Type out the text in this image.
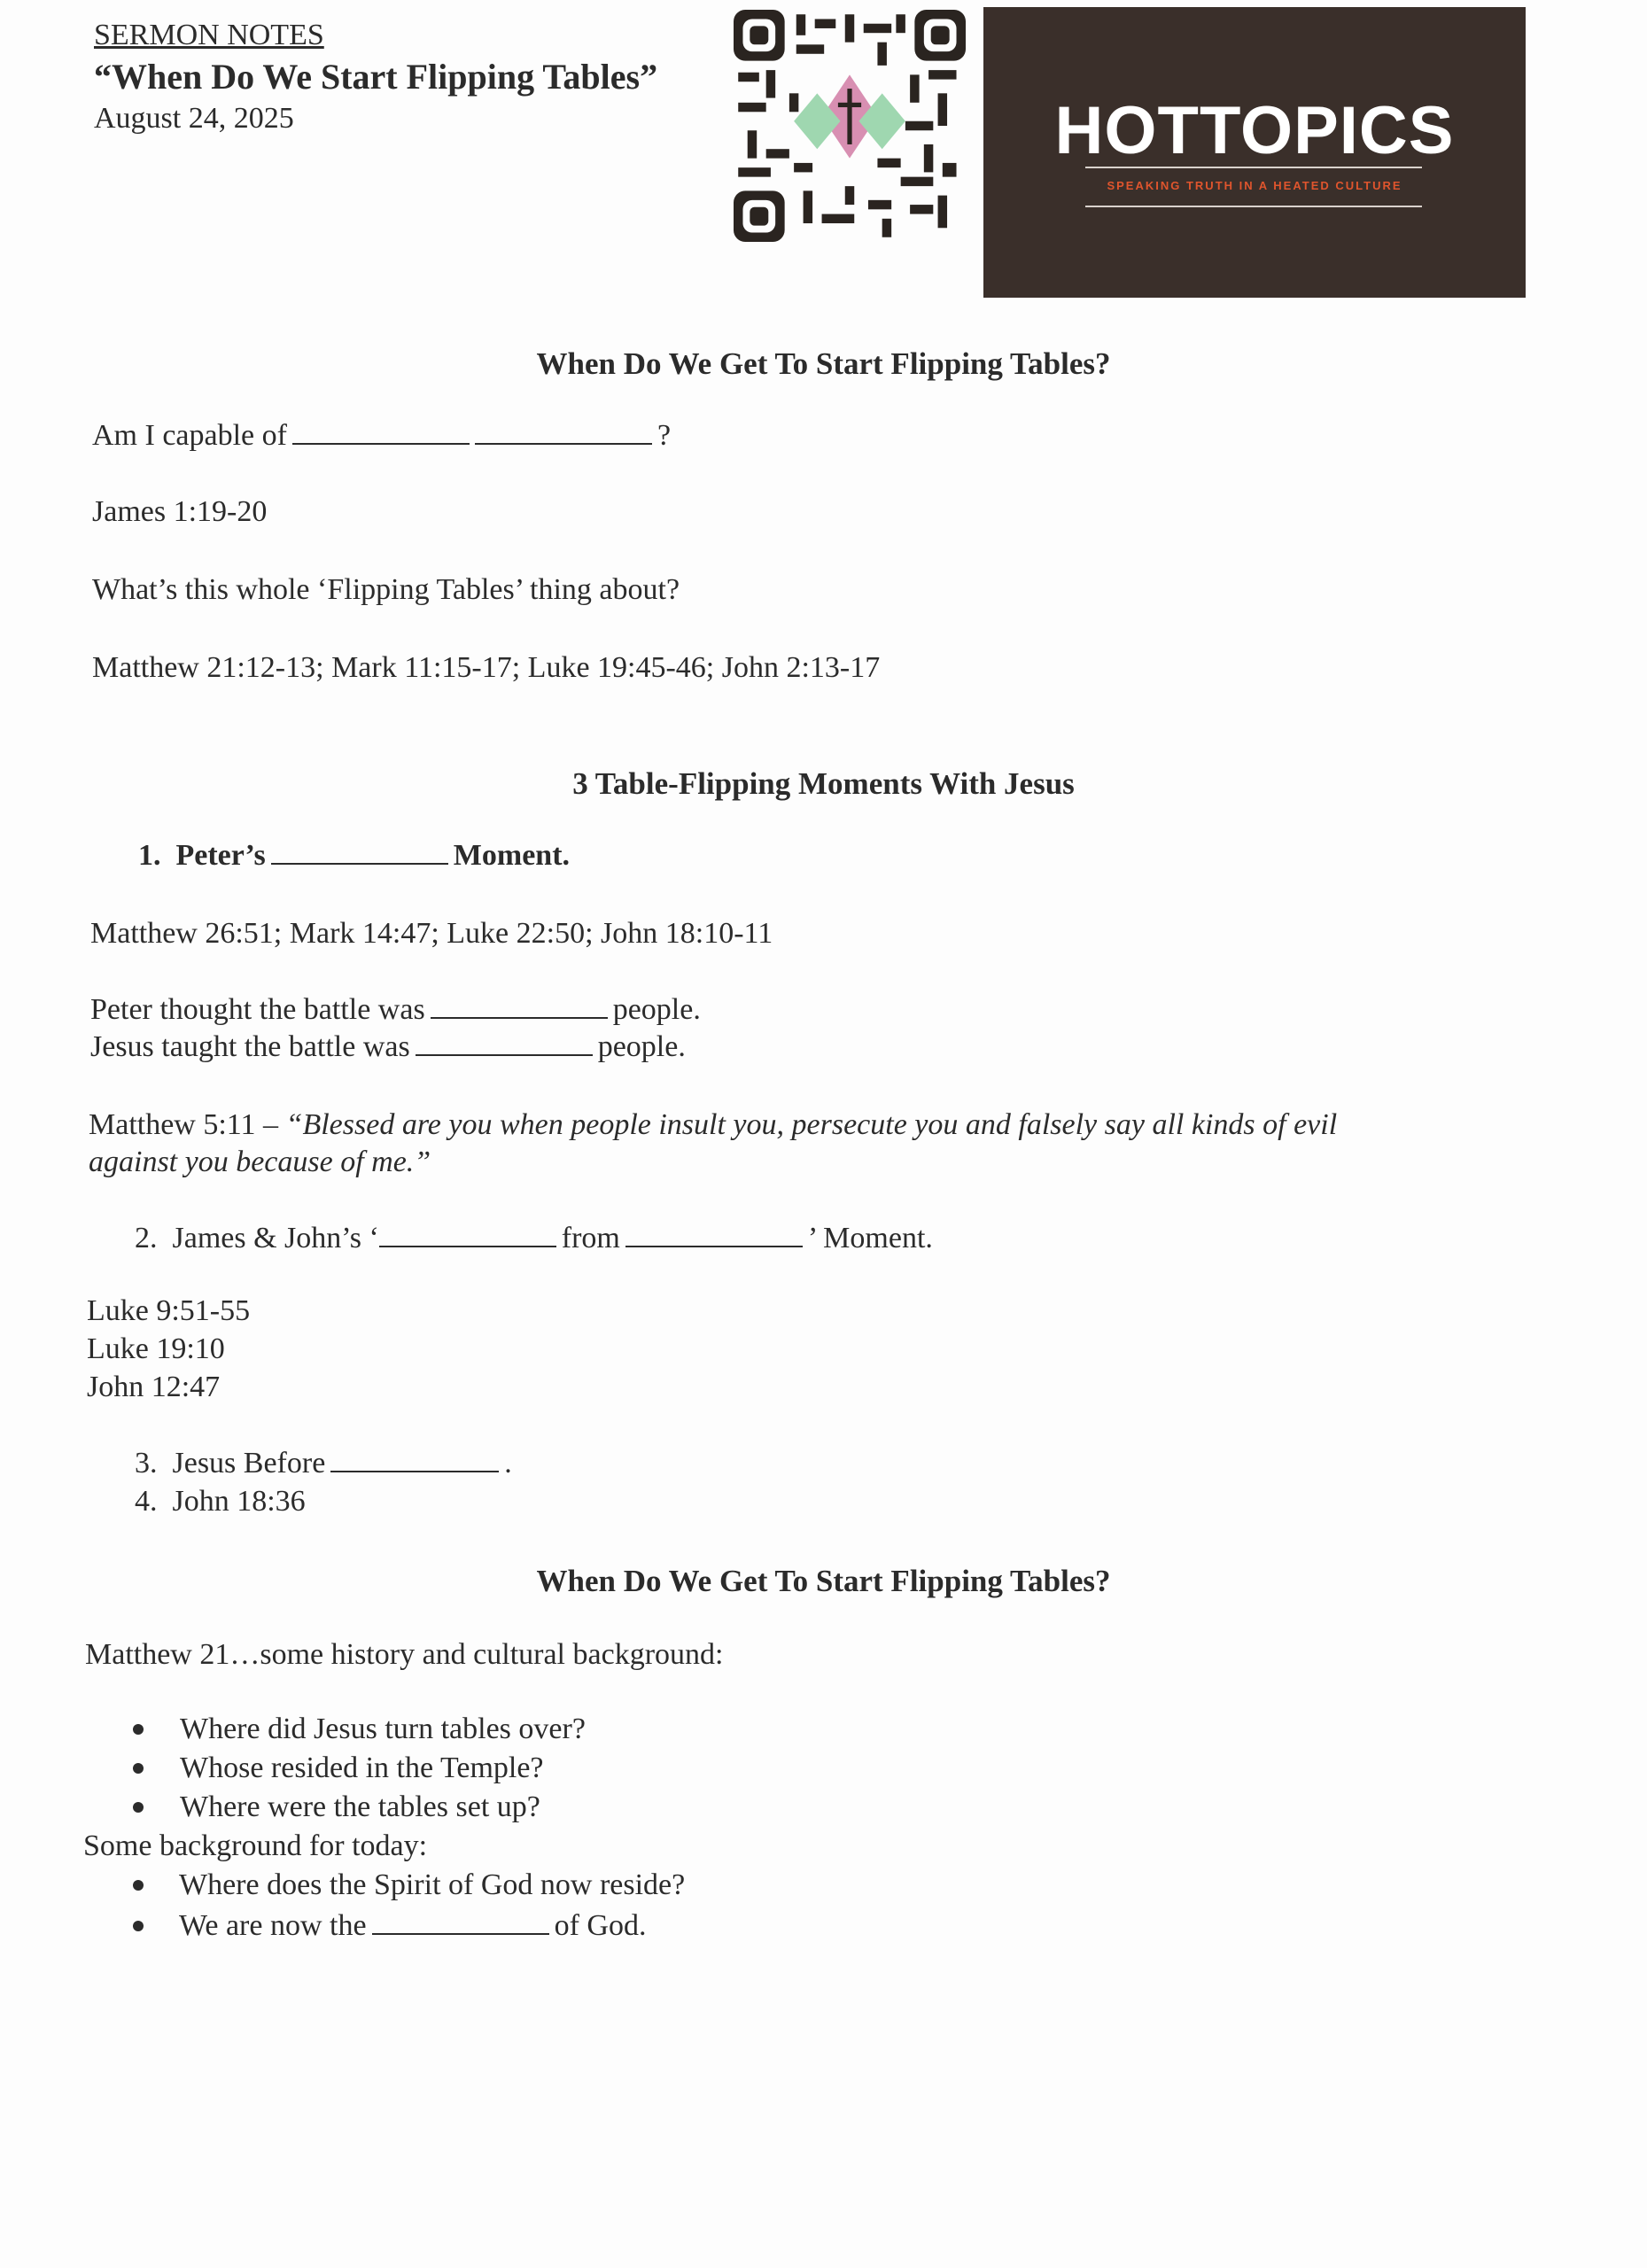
SERMON NOTES
“When Do We Start Flipping Tables”
August 24, 2025	HOTTOPICS
SPEAKING TRUTH IN A HEATED CULTURE
When Do We Get To Start Flipping Tables?
Am I capable of	?
James 1:19-20
What’s this whole ‘Flipping Tables’ thing about?
Matthew 21:12-13; Mark 11:15-17; Luke 19:45-46; John 2:13-17
3 Table-Flipping Moments With Jesus
1. Peter’s	Moment.
Matthew 26:51; Mark 14:47; Luke 22:50; John 18:10-11
Peter thought the battle was	people.
Jesus taught the battle was	people.
Matthew 5:11 – “Blessed are you when people insult you, persecute you and falsely say all kinds of evil
against you because of me.”
2. James & John’s ‘	from	’ Moment.
Luke 9:51-55
Luke 19:10
John 12:47
3. Jesus Before	.
4. John 18:36
When Do We Get To Start Flipping Tables?
Matthew 21…some history and cultural background:
Where did Jesus turn tables over?
Whose resided in the Temple?
Where were the tables set up?
Some background for today:
Where does the Spirit of God now reside?
We are now the	of God.
